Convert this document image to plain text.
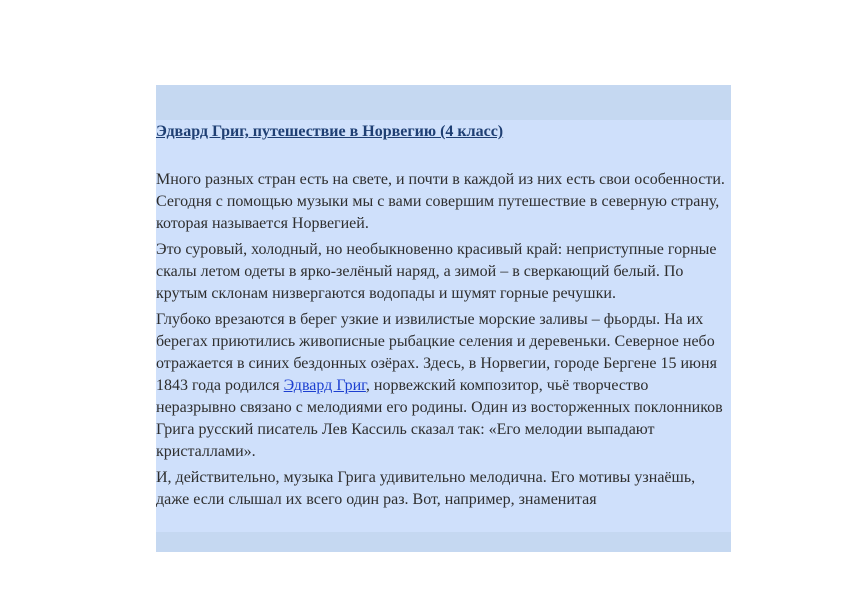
Эдвард Григ, путешествие в Норвегию (4 класс)

Много разных стран есть на свете, и почти в каждой из них есть свои особенности. Сегодня с помощью музыки мы с вами совершим путешествие в северную страну, которая называется Норвегией.

Это суровый, холодный, но необыкновенно красивый край: неприступные горные скалы летом одеты в ярко-зелёный наряд, а зимой – в сверкающий белый. По крутым склонам низвергаются водопады и шумят горные речушки.

Глубоко врезаются в берег узкие и извилистые морские заливы – фьорды. На их берегах приютились живописные рыбацкие селения и деревеньки. Северное небо отражается в синих бездонных озёрах. Здесь, в Норвегии, городе Бергене 15 июня 1843 года родился Эдвард Григ, норвежский композитор, чьё творчество неразрывно связано с мелодиями его родины. Один из восторженных поклонников Грига русский писатель Лев Кассиль сказал так: «Его мелодии выпадают кристаллами».

И, действительно, музыка Грига удивительно мелодична. Его мотивы узнаёшь, даже если слышал их всего один раз. Вот, например, знаменитая
